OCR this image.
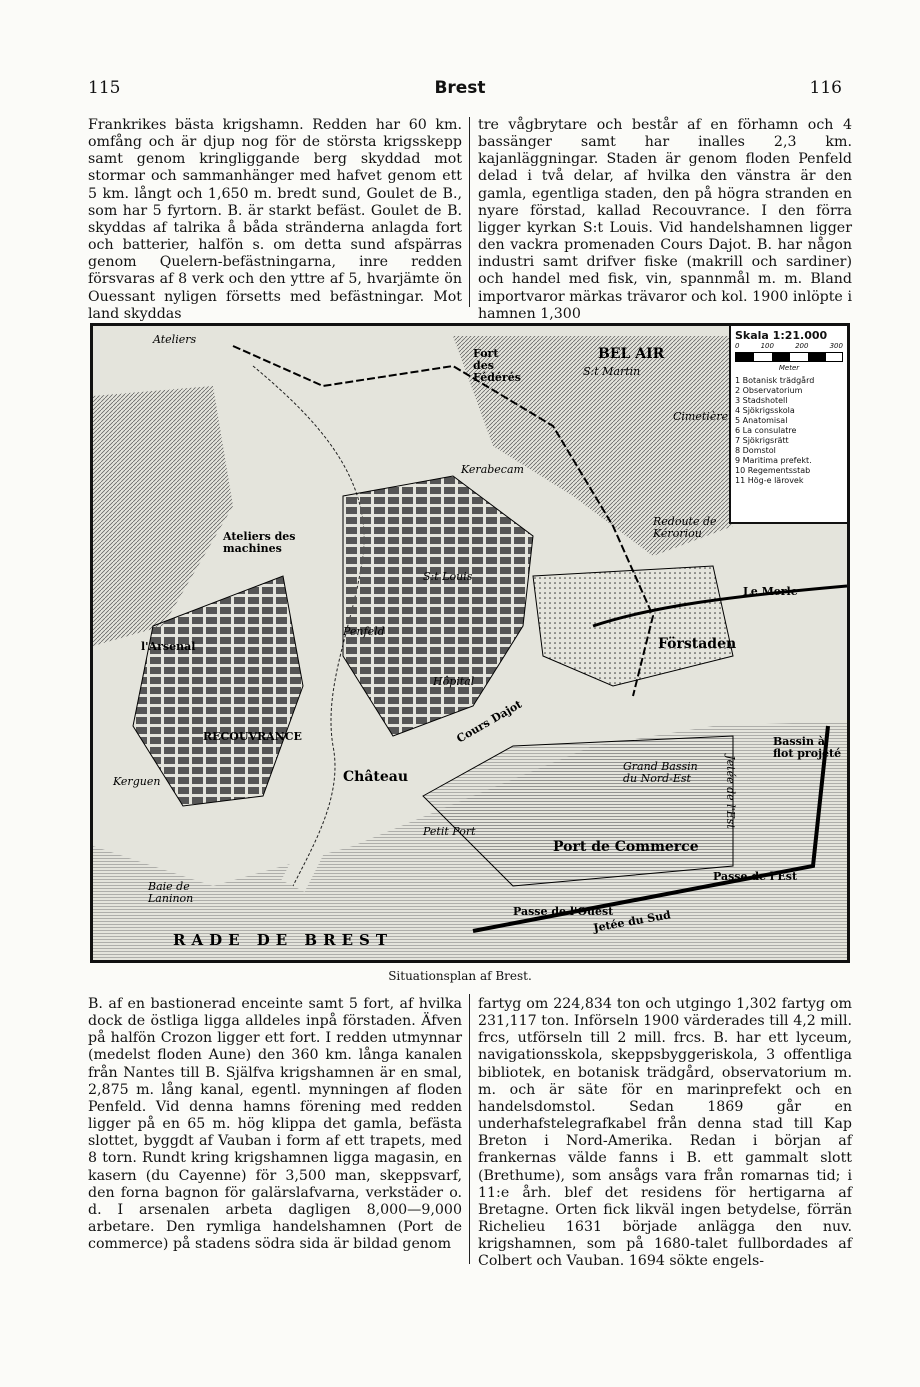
115	Brest	116

Frankrikes bästa krigshamn. Redden har 60 km. omfång och är djup nog för de största krigsskepp samt genom kringliggande berg skyddad mot stormar och sammanhänger med hafvet genom ett 5 km. långt och 1,650 m. bredt sund, Goulet de B., som har 5 fyrtorn. B. är starkt befäst. Goulet de B. skyddas af talrika å båda stränderna anlagda fort och batterier, halfön s. om detta sund afspärras genom Quelern-befästningarna, inre redden försvaras af 8 verk och den yttre af 5, hvarjämte ön Ouessant nyligen försetts med befästningar. Mot land skyddas

tre vågbrytare och består af en förhamn och 4 bassänger samt har inalles 2,3 km. kajanläggningar. Staden är genom floden Penfeld delad i två delar, af hvilka den vänstra är den gamla, egentliga staden, den på högra stranden en nyare förstad, kallad Recouvrance. I den förra ligger kyrkan S:t Louis. Vid handelshamnen ligger den vackra promenaden Cours Dajot. B. har någon industri samt drifver fiske (makrill och sardiner) och handel med fisk, vin, spannmål m. m. Bland importvaror märkas trävaror och kol. 1900 inlöpte i hamnen 1,300

Ateliers
Fort des Fédérés
BEL AIR
S:t Martin
Cimetière
Kerabecam
Redoute de Kéroriou
Le Merle
Förstaden
RECOUVRANCE
S:t Louis
Château
Cours Dajot
Grand Bassin du Nord-Est
Bassin à flot projeté
Port de Commerce
Petit Port
Passe de l'Est
Passe de l'Ouest
Jetée du Sud
Jetée de l'Est
RADE DE BREST
Baie de Laninon
Penfeld
Ateliers des machines
l'Arsenal
Kerguen
Hôpital
Skala 1:21.000
0	100	200	300
Meter
1 Botanisk trädgård
2 Observatorium
3 Stadshotell
4 Sjökrigsskola
5 Anatomisal
6 La consulatre
7 Sjökrigsrätt
8 Domstol
9 Maritima prefekt.
10 Regementsstab
11 Hög-e lärovek
Situationsplan af Brest.

B. af en bastionerad enceinte samt 5 fort, af hvilka dock de östliga ligga alldeles inpå förstaden. Äfven på halfön Crozon ligger ett fort. I redden utmynnar (medelst floden Aune) den 360 km. långa kanalen från Nantes till B. Själfva krigshamnen är en smal, 2,875 m. lång kanal, egentl. mynningen af floden Penfeld. Vid denna hamns förening med redden ligger på en 65 m. hög klippa det gamla, befästa slottet, byggdt af Vauban i form af ett trapets, med 8 torn. Rundt kring krigshamnen ligga magasin, en kasern (du Cayenne) för 3,500 man, skeppsvarf, den forna bagnon för galärslafvarna, verkstäder o. d. I arsenalen arbeta dagligen 8,000—9,000 arbetare. Den rymliga handelshamnen (Port de commerce) på stadens södra sida är bildad genom

fartyg om 224,834 ton och utgingo 1,302 fartyg om 231,117 ton. Införseln 1900 värderades till 4,2 mill. frcs, utförseln till 2 mill. frcs. B. har ett lyceum, navigationsskola, skeppsbyggeriskola, 3 offentliga bibliotek, en botanisk trädgård, observatorium m. m. och är säte för en marinprefekt och en handelsdomstol. Sedan 1869 går en underhafstelegrafkabel från denna stad till Kap Breton i Nord-Amerika. Redan i början af frankernas välde fanns i B. ett gammalt slott (Brethume), som ansågs vara från romarnas tid; i 11:e årh. blef det residens för hertigarna af Bretagne. Orten fick likväl ingen betydelse, förrän Richelieu 1631 började anlägga den nuv. krigshamnen, som på 1680-talet fullbordades af Colbert och Vauban. 1694 sökte engels-
